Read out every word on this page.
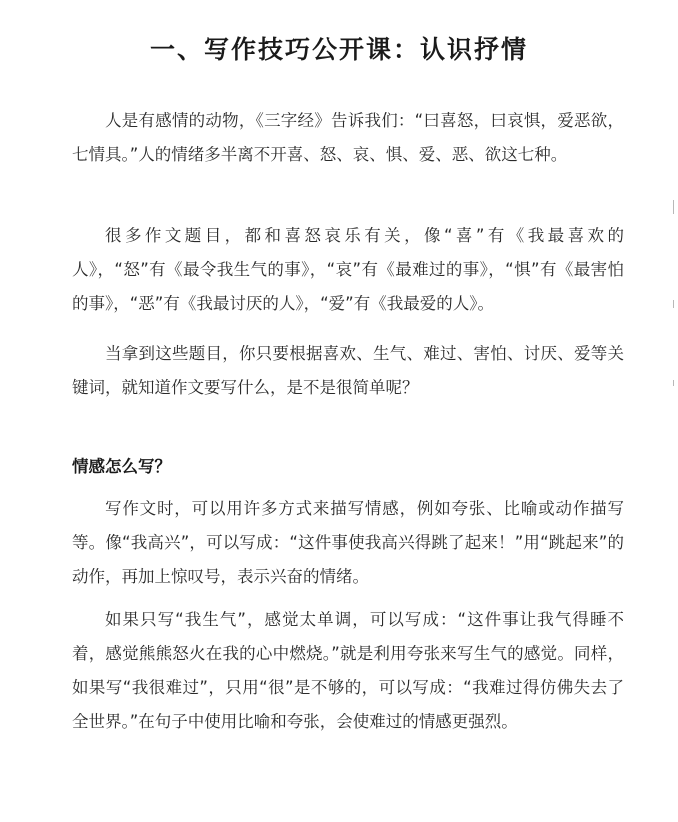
一、写作技巧公开课：认识抒情

人是有感情的动物，《三字经》告诉我们：“曰喜怒，曰哀惧，爱恶欲，七情具。”人的情绪多半离不开喜、怒、哀、惧、爱、恶、欲这七种。

很多作文题目，都和喜怒哀乐有关，像“喜”有《我最喜欢的人》，“怒”有《最令我生气的事》，“哀”有《最难过的事》，“惧”有《最害怕的事》，“恶”有《我最讨厌的人》，“爱”有《我最爱的人》。

当拿到这些题目，你只要根据喜欢、生气、难过、害怕、讨厌、爱等关键词，就知道作文要写什么，是不是很简单呢？

情感怎么写？

写作文时，可以用许多方式来描写情感，例如夸张、比喻或动作描写等。像“我高兴”，可以写成：“这件事使我高兴得跳了起来！”用“跳起来”的动作，再加上惊叹号，表示兴奋的情绪。

如果只写“我生气”，感觉太单调，可以写成：“这件事让我气得睡不着，感觉熊熊怒火在我的心中燃烧。”就是利用夸张来写生气的感觉。同样，如果写“我很难过”，只用“很”是不够的，可以写成：“我难过得仿佛失去了全世界。”在句子中使用比喻和夸张，会使难过的情感更强烈。
